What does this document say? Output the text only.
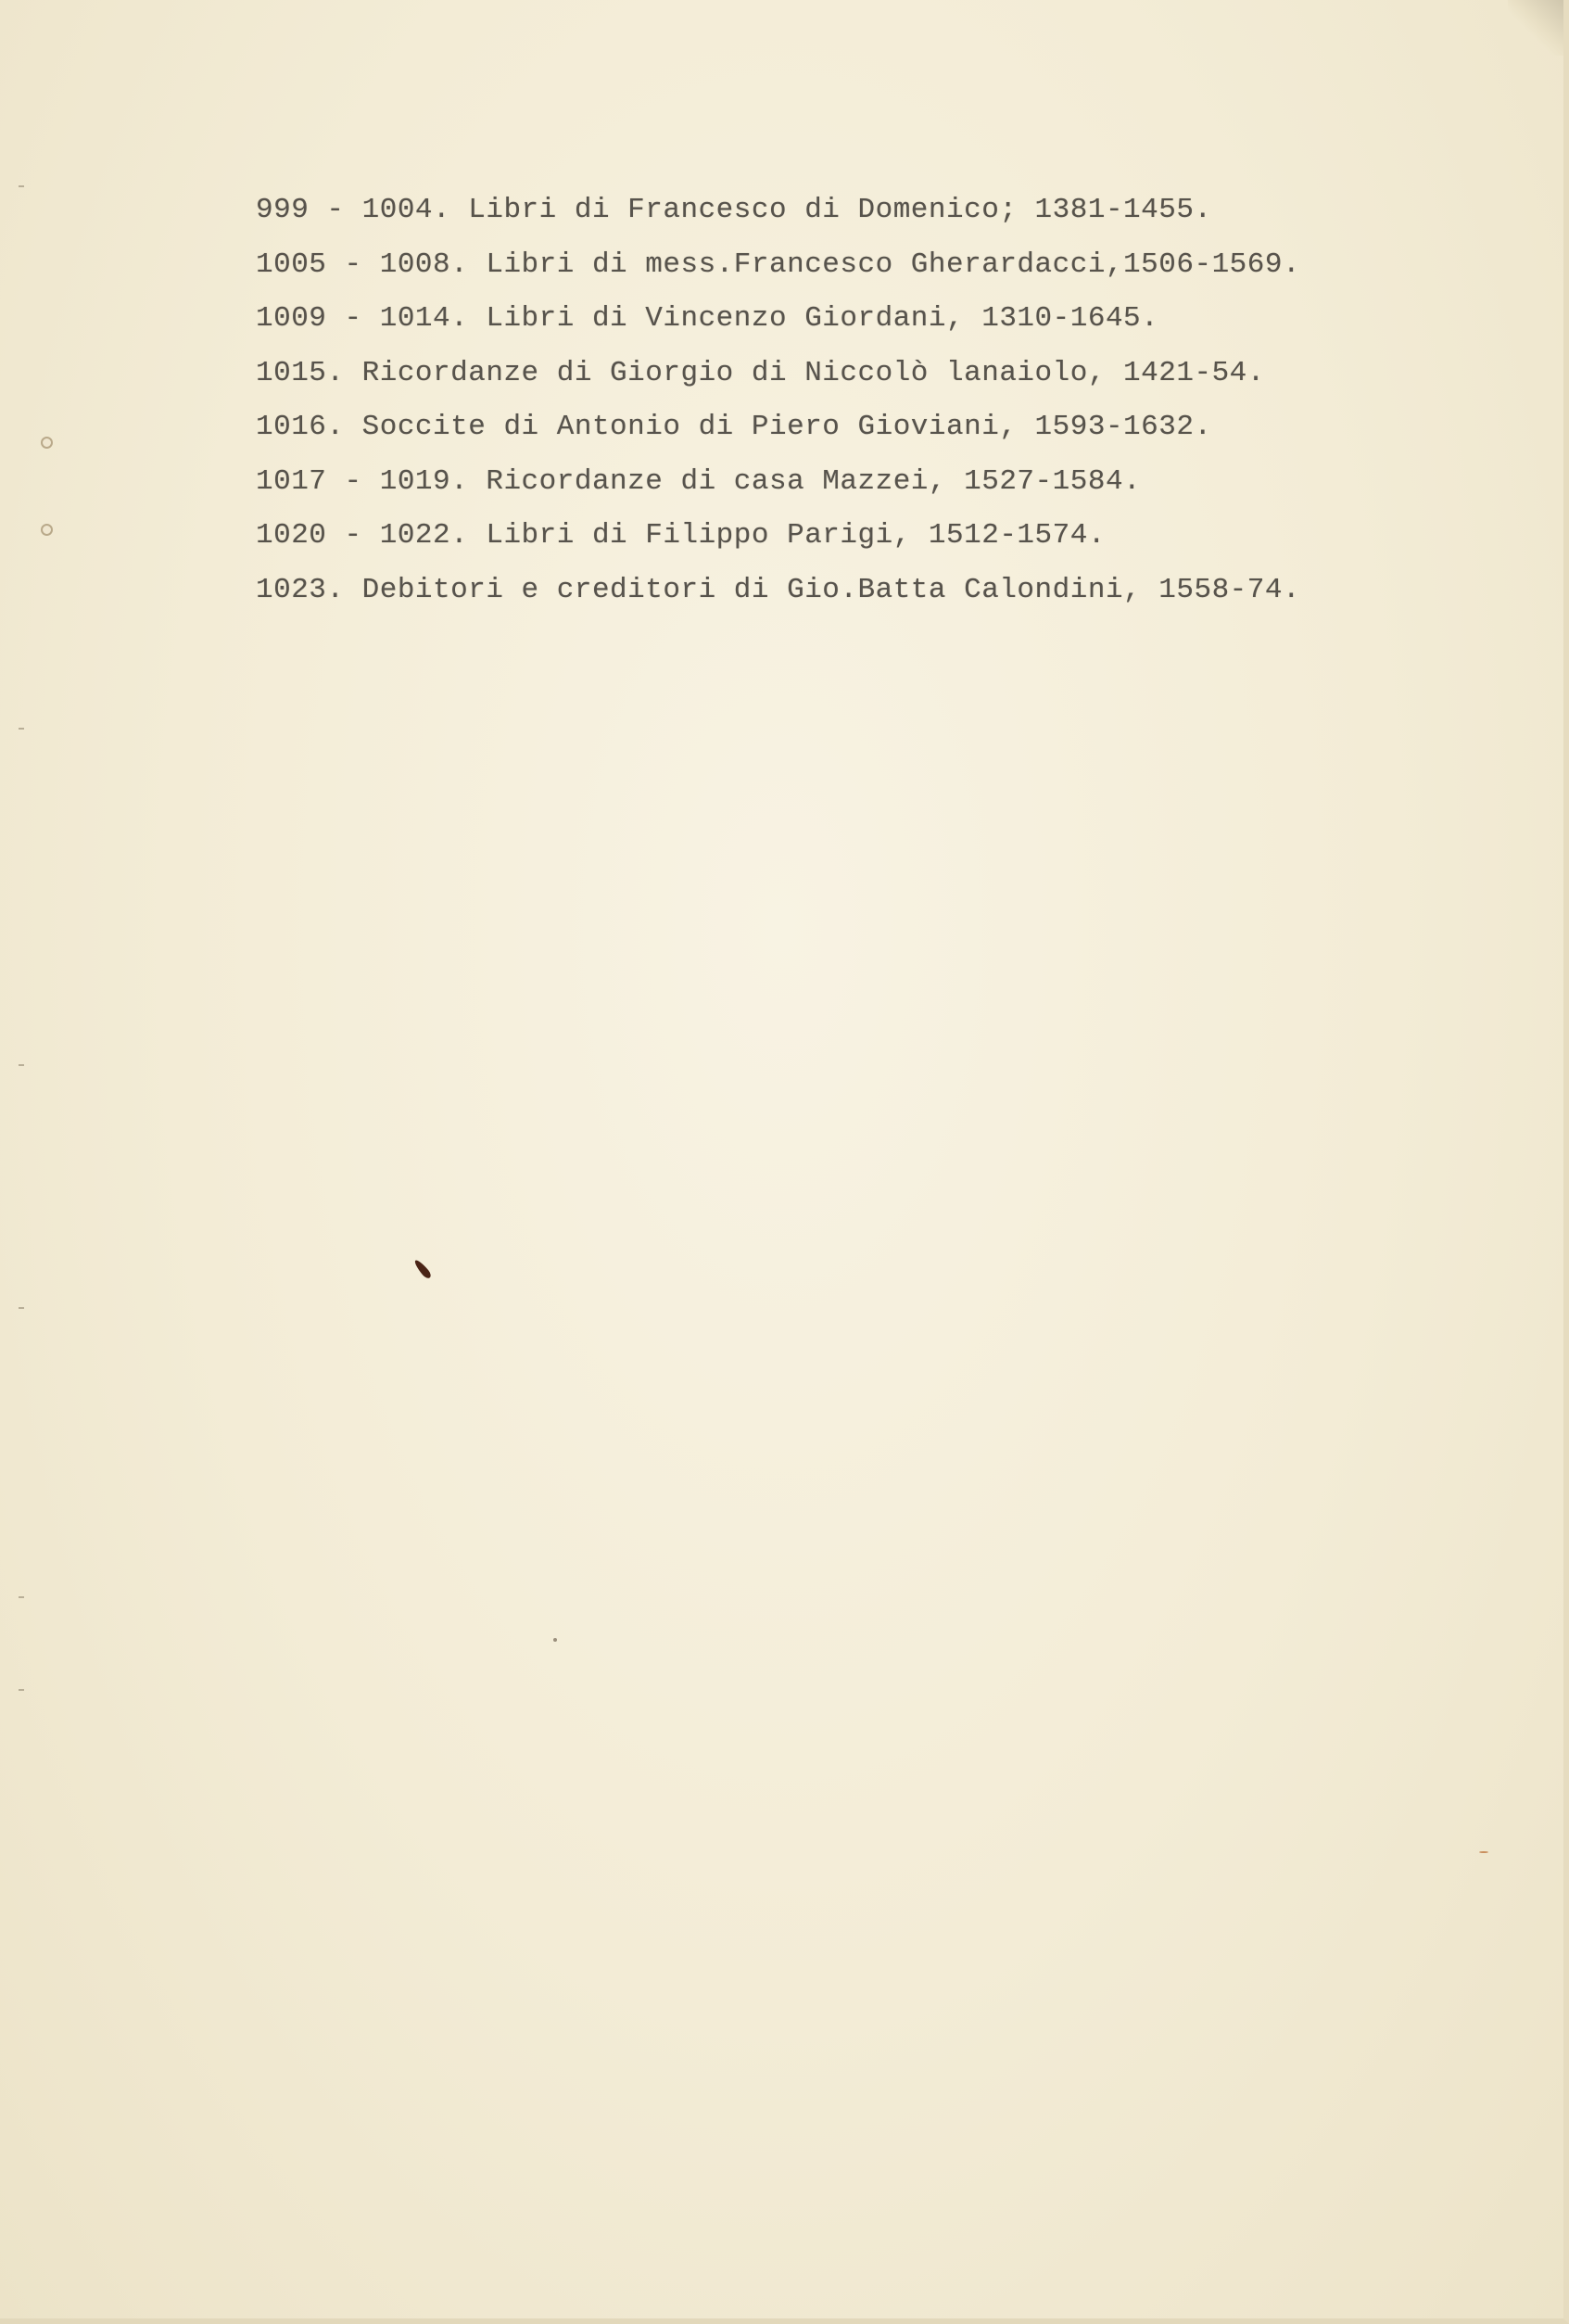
999 - 1004. Libri di Francesco di Domenico; 1381-1455.
1005 - 1008. Libri di mess.Francesco Gherardacci,1506-1569.
1009 - 1014. Libri di Vincenzo Giordani, 1310-1645.
1015. Ricordanze di Giorgio di Niccolò lanaiolo, 1421-54.
1016. Soccite di Antonio di Piero Gioviani, 1593-1632.
1017 - 1019. Ricordanze di casa Mazzei, 1527-1584.
1020 - 1022. Libri di Filippo Parigi, 1512-1574.
1023. Debitori e creditori di Gio.Batta Calondini, 1558-74.
